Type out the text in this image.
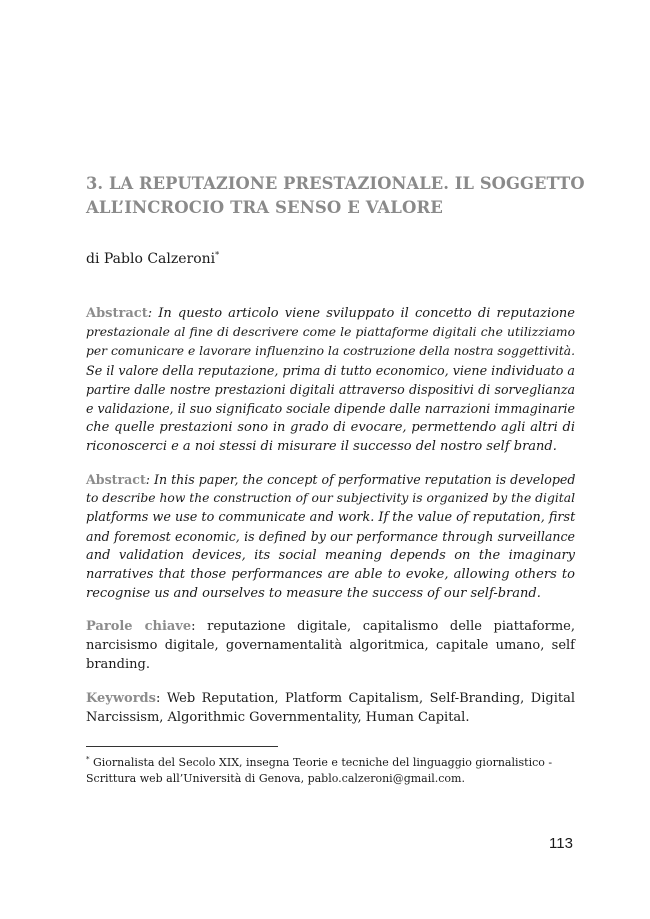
3. LA REPUTAZIONE PRESTAZIONALE. IL SOGGETTO
ALL’INCROCIO TRA SENSO E VALORE
di Pablo Calzeroni*
Abstract: In questo articolo viene sviluppato il concetto di reputazione
prestazionale al fine di descrivere come le piattaforme digitali che utilizziamo
per comunicare e lavorare influenzino la costruzione della nostra soggettività.
Se il valore della reputazione, prima di tutto economico, viene individuato a
partire dalle nostre prestazioni digitali attraverso dispositivi di sorveglianza
e validazione, il suo significato sociale dipende dalle narrazioni immaginarie
che quelle prestazioni sono in grado di evocare, permettendo agli altri di
riconoscerci e a noi stessi di misurare il successo del nostro self brand.
Abstract: In this paper, the concept of performative reputation is developed
to describe how the construction of our subjectivity is organized by the digital
platforms we use to communicate and work. If the value of reputation, first
and foremost economic, is defined by our performance through surveillance
and validation devices, its social meaning depends on the imaginary
narratives that those performances are able to evoke, allowing others to
recognise us and ourselves to measure the success of our self-brand.
Parole chiave: reputazione digitale, capitalismo delle piattaforme,
narcisismo digitale, governamentalità algoritmica, capitale umano, self
branding.
Keywords: Web Reputation, Platform Capitalism, Self-Branding, Digital
Narcissism, Algorithmic Governmentality, Human Capital.
* Giornalista del Secolo XIX, insegna Teorie e tecniche del linguaggio giornalistico -
Scrittura web all’Università di Genova, pablo.calzeroni@gmail.com.
113
